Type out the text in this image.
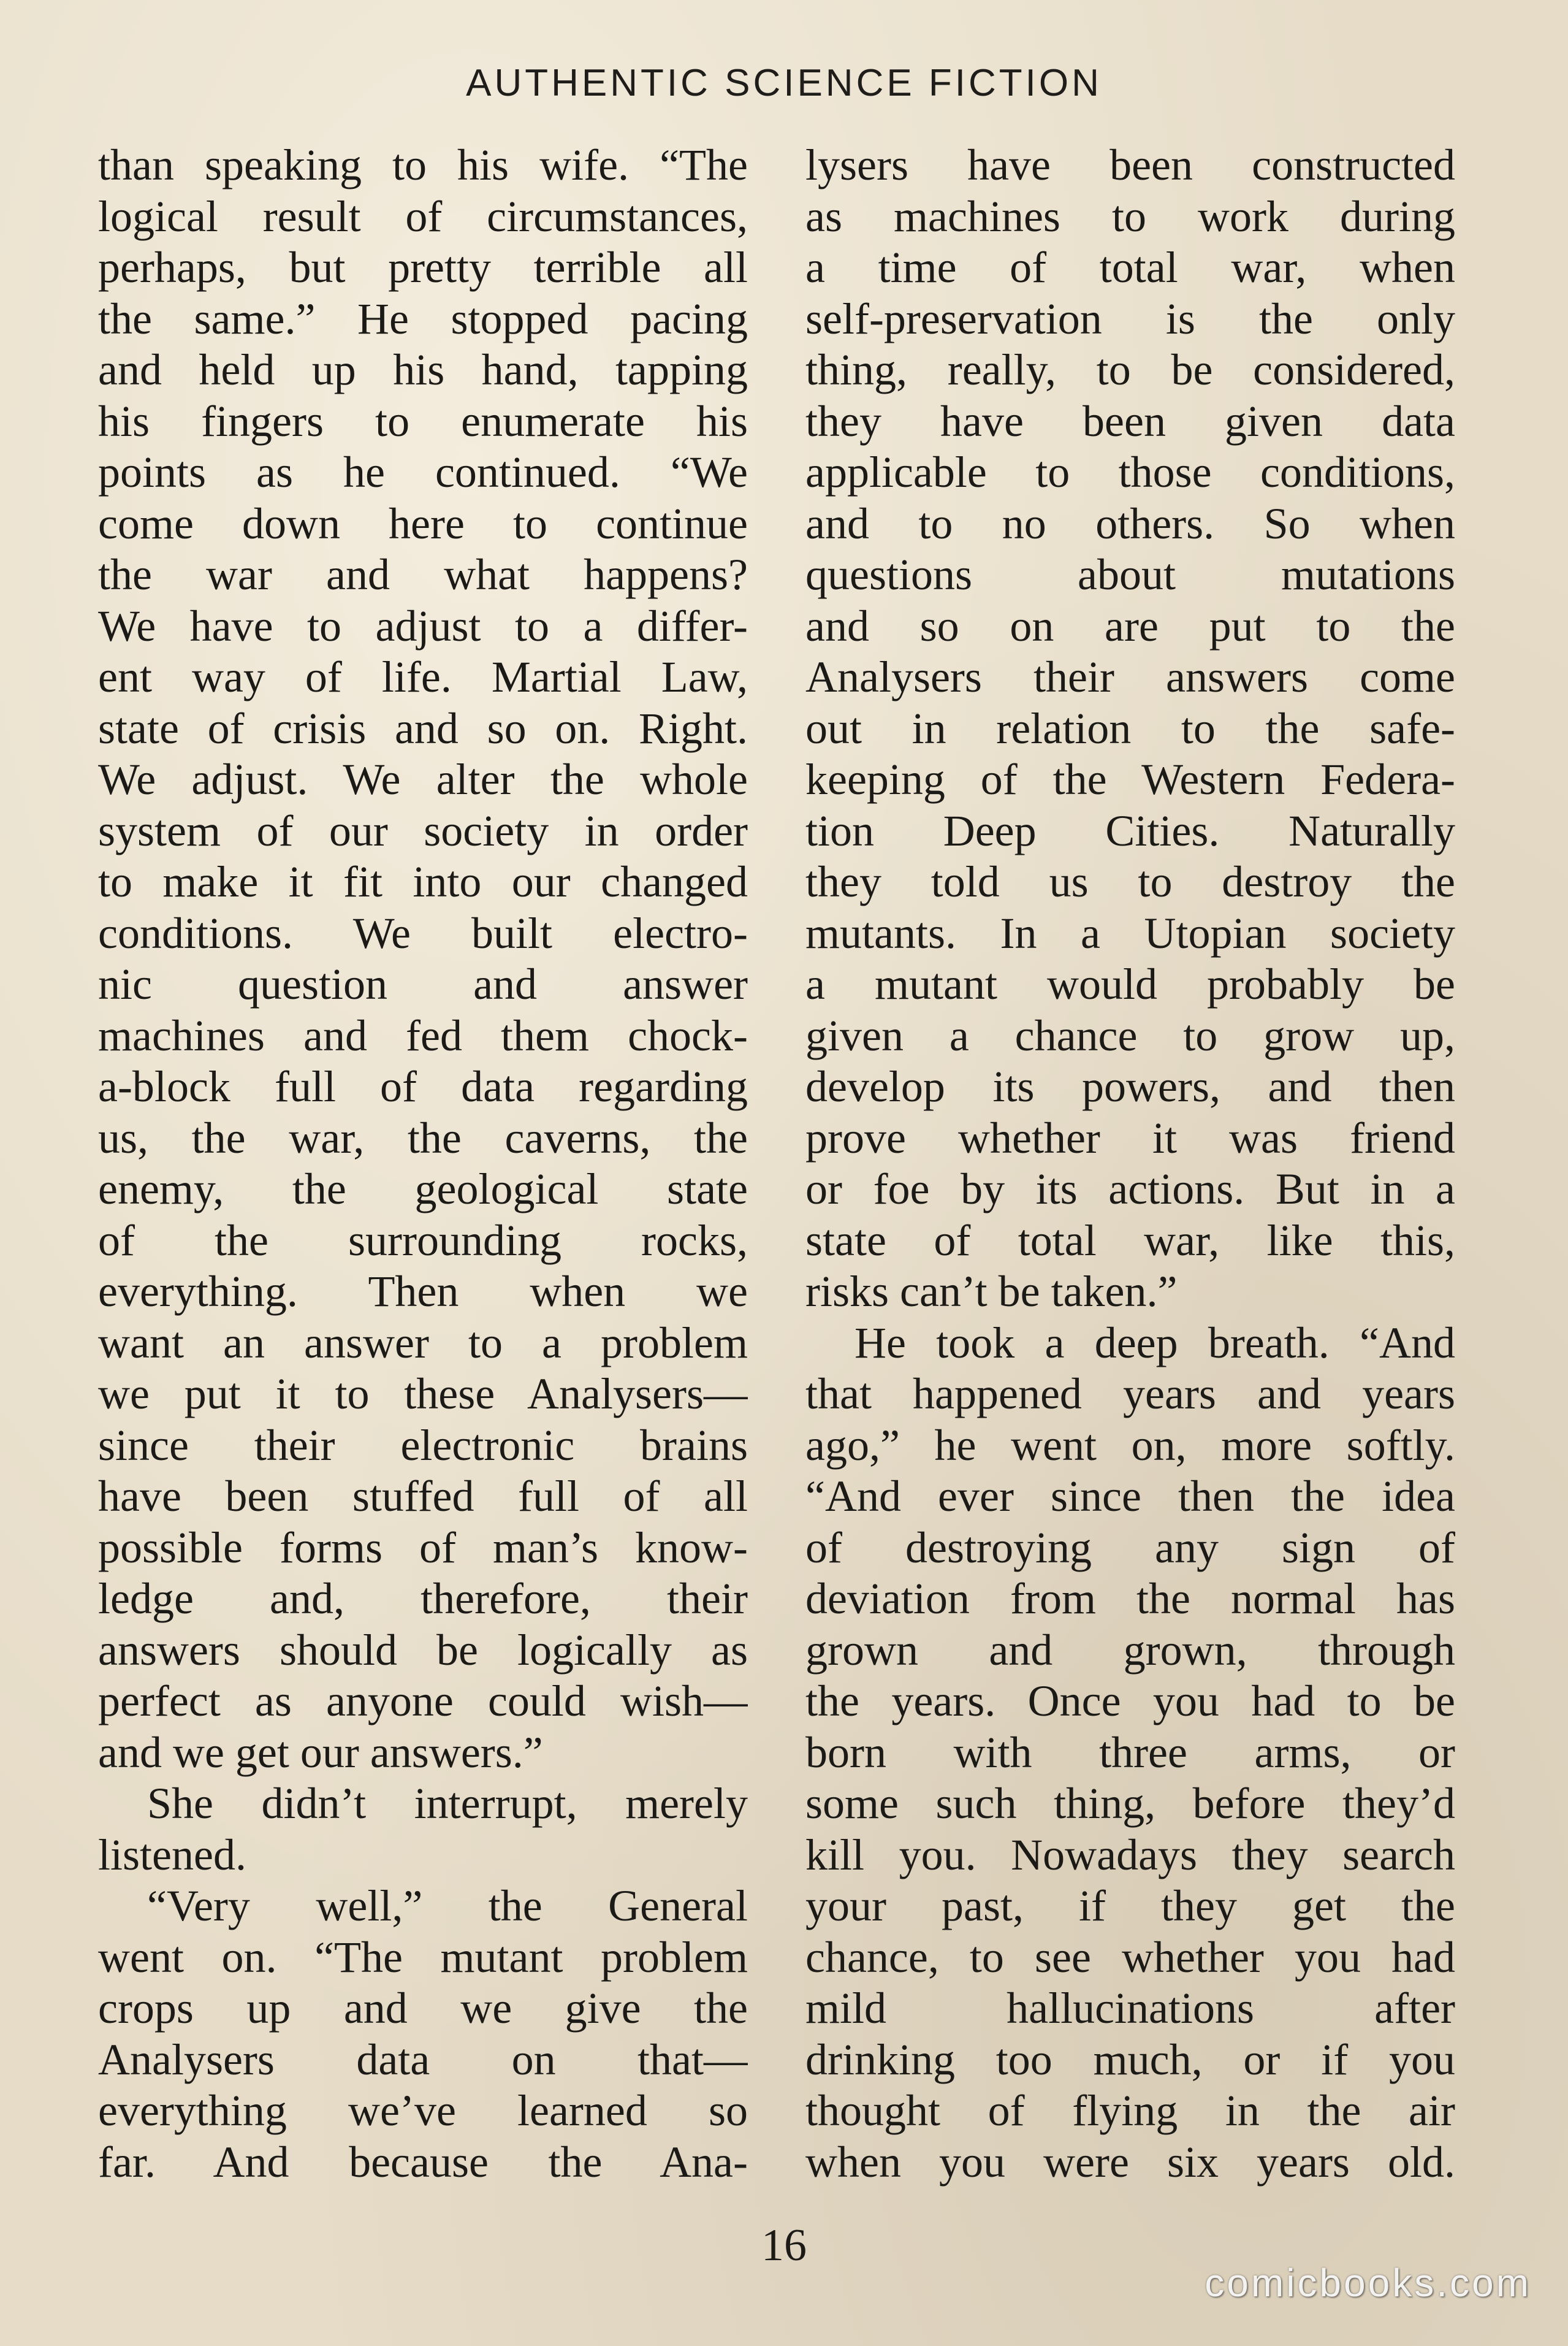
AUTHENTIC SCIENCE FICTION
than speaking to his wife. “The
logical result of circumstances,
perhaps, but pretty terrible all
the same.” He stopped pacing
and held up his hand, tapping
his fingers to enumerate his
points as he continued. “We
come down here to continue
the war and what happens?
We have to adjust to a differ-
ent way of life. Martial Law,
state of crisis and so on. Right.
We adjust. We alter the whole
system of our society in order
to make it fit into our changed
conditions. We built electro-
nic question and answer
machines and fed them chock-
a-block full of data regarding
us, the war, the caverns, the
enemy, the geological state
of the surrounding rocks,
everything. Then when we
want an answer to a problem
we put it to these Analysers—
since their electronic brains
have been stuffed full of all
possible forms of man’s know-
ledge and, therefore, their
answers should be logically as
perfect as anyone could wish—
and we get our answers.”
She didn’t interrupt, merely
listened.
“Very well,” the General
went on. “The mutant problem
crops up and we give the
Analysers data on that—
everything we’ve learned so
far. And because the Ana-
lysers have been constructed
as machines to work during
a time of total war, when
self-preservation is the only
thing, really, to be considered,
they have been given data
applicable to those conditions,
and to no others. So when
questions about mutations
and so on are put to the
Analysers their answers come
out in relation to the safe-
keeping of the Western Federa-
tion Deep Cities. Naturally
they told us to destroy the
mutants. In a Utopian society
a mutant would probably be
given a chance to grow up,
develop its powers, and then
prove whether it was friend
or foe by its actions. But in a
state of total war, like this,
risks can’t be taken.”
He took a deep breath. “And
that happened years and years
ago,” he went on, more softly.
“And ever since then the idea
of destroying any sign of
deviation from the normal has
grown and grown, through
the years. Once you had to be
born with three arms, or
some such thing, before they’d
kill you. Nowadays they search
your past, if they get the
chance, to see whether you had
mild hallucinations after
drinking too much, or if you
thought of flying in the air
when you were six years old.
16
comicbooks.com
